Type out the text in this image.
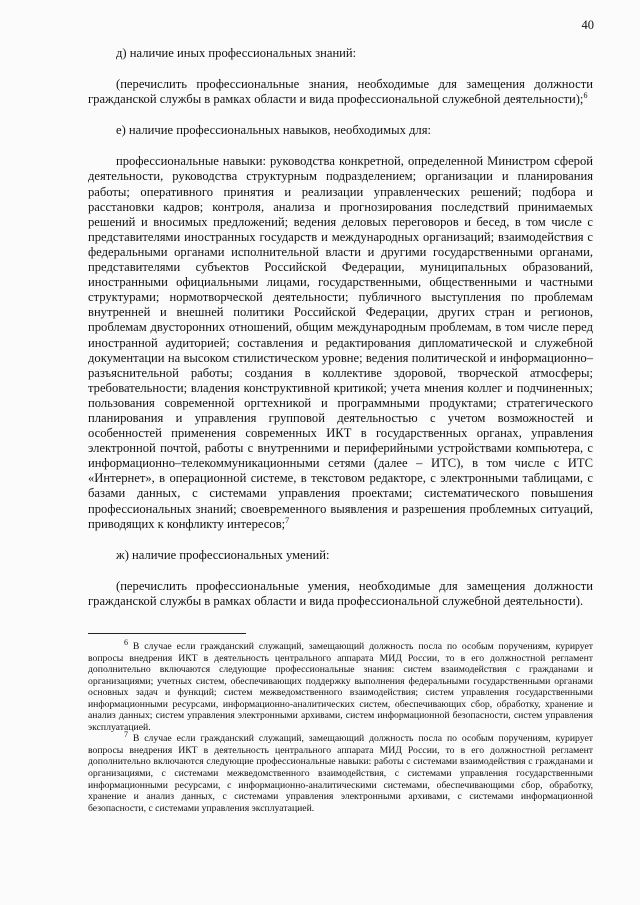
40

д) наличие иных профессиональных знаний:

(перечислить профессиональные знания, необходимые для замещения должности гражданской службы в рамках области и вида профессиональной служебной деятельности);$^6$

е) наличие профессиональных навыков, необходимых для:

профессиональные навыки: руководства конкретной, определенной Министром сферой деятельности, руководства структурным подразделением; организации и планирования работы; оперативного принятия и реализации управленческих решений; подбора и расстановки кадров; контроля, анализа и прогнозирования последствий принимаемых решений и вносимых предложений; ведения деловых переговоров и бесед, в том числе с представителями иностранных государств и международных организаций; взаимодействия с федеральными органами исполнительной власти и другими государственными органами, представителями субъектов Российской Федерации, муниципальных образований, иностранными официальными лицами, государственными, общественными и частными структурами; нормотворческой деятельности; публичного выступления по проблемам внутренней и внешней политики Российской Федерации, других стран и регионов, проблемам двусторонних отношений, общим международным проблемам, в том числе перед иностранной аудиторией; составления и редактирования дипломатической и служебной документации на высоком стилистическом уровне; ведения политической и информационно–разъяснительной работы; создания в коллективе здоровой, творческой атмосферы; требовательности; владения конструктивной критикой; учета мнения коллег и подчиненных; пользования современной оргтехникой и программными продуктами; стратегического планирования и управления групповой деятельностью с учетом возможностей и особенностей применения современных ИКТ в государственных органах, управления электронной почтой, работы с внутренними и периферийными устройствами компьютера, с информационно–телекоммуникационными сетями (далее – ИТС), в том числе с ИТС «Интернет», в операционной системе, в текстовом редакторе, с электронными таблицами, с базами данных, с системами управления проектами; систематического повышения профессиональных знаний; своевременного выявления и разрешения проблемных ситуаций, приводящих к конфликту интересов;$^7$

ж) наличие профессиональных умений:

(перечислить профессиональные умения, необходимые для замещения должности гражданской службы в рамках области и вида профессиональной служебной деятельности).

$^6$ В случае если гражданский служащий, замещающий должность посла по особым поручениям, курирует вопросы внедрения ИКТ в деятельность центрального аппарата МИД России, то в его должностной регламент дополнительно включаются следующие профессиональные знания: систем взаимодействия с гражданами и организациями; учетных систем, обеспечивающих поддержку выполнения федеральными государственными органами основных задач и функций; систем межведомственного взаимодействия; систем управления государственными информационными ресурсами, информационно-аналитических систем, обеспечивающих сбор, обработку, хранение и анализ данных; систем управления электронными архивами, систем информационной безопасности, систем управления эксплуатацией.

$^7$ В случае если гражданский служащий, замещающий должность посла по особым поручениям, курирует вопросы внедрения ИКТ в деятельность центрального аппарата МИД России, то в его должностной регламент дополнительно включаются следующие профессиональные навыки: работы с системами взаимодействия с гражданами и организациями, с системами межведомственного взаимодействия, с системами управления государственными информационными ресурсами, с информационно-аналитическими системами, обеспечивающими сбор, обработку, хранение и анализ данных, с системами управления электронными архивами, с системами информационной безопасности, с системами управления эксплуатацией.
